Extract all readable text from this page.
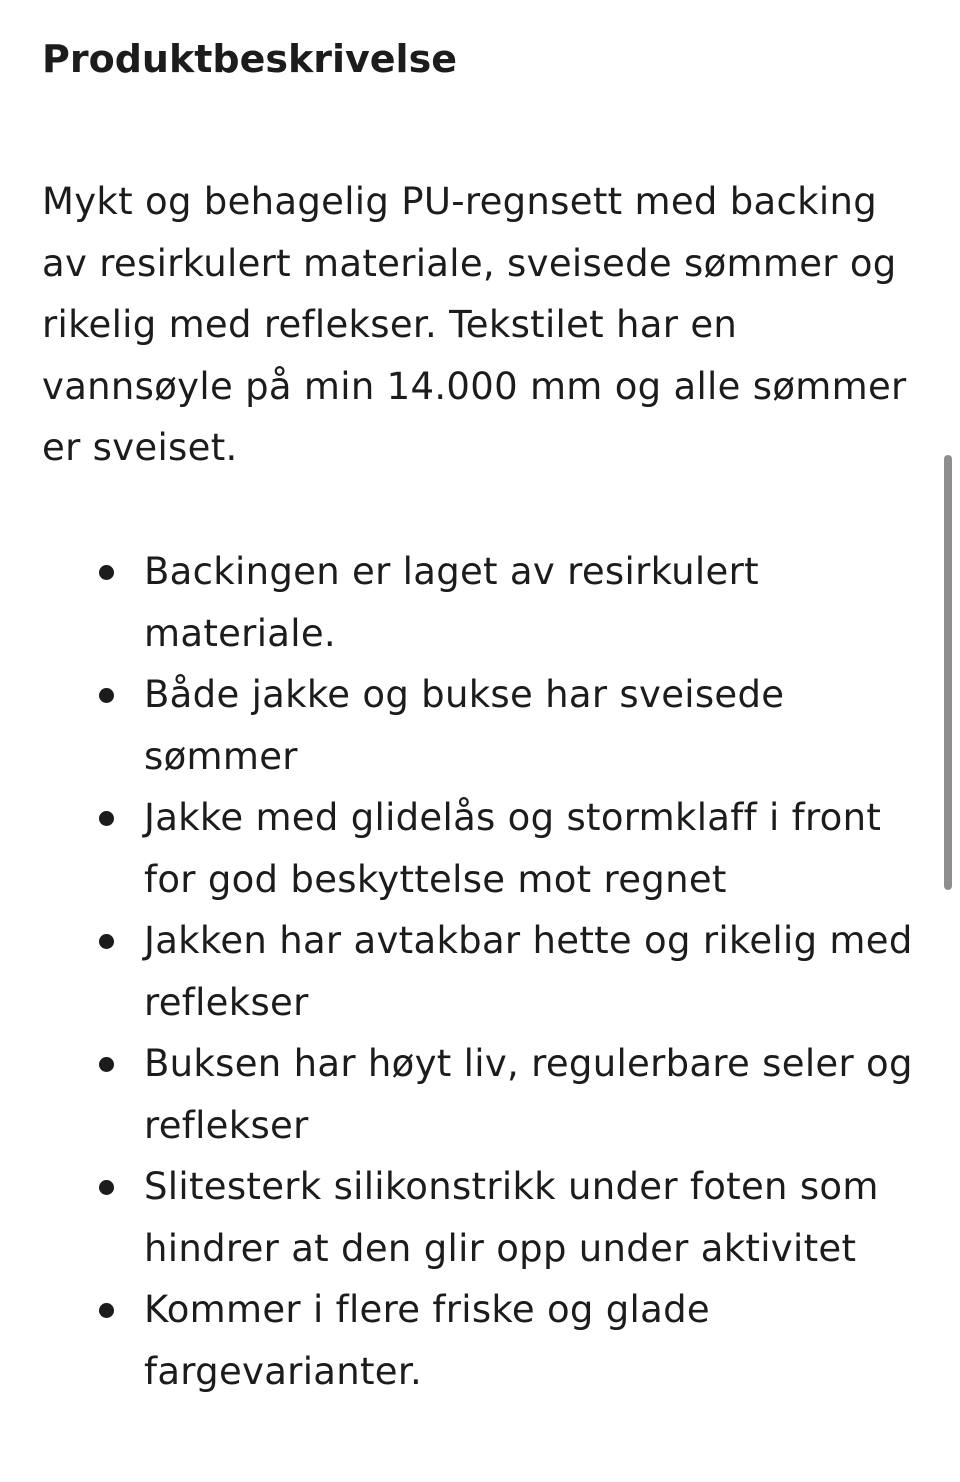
Produktbeskrivelse

Mykt og behagelig PU-regnsett med backing av resirkulert materiale, sveisede sømmer og rikelig med reflekser. Tekstilet har en vannsøyle på min 14.000 mm og alle sømmer er sveiset.

Backingen er laget av resirkulert materiale.
Både jakke og bukse har sveisede sømmer
Jakke med glidelås og stormklaff i front for god beskyttelse mot regnet
Jakken har avtakbar hette og rikelig med reflekser
Buksen har høyt liv, regulerbare seler og reflekser
Slitesterk silikonstrikk under foten som hindrer at den glir opp under aktivitet
Kommer i flere friske og glade fargevarianter.
